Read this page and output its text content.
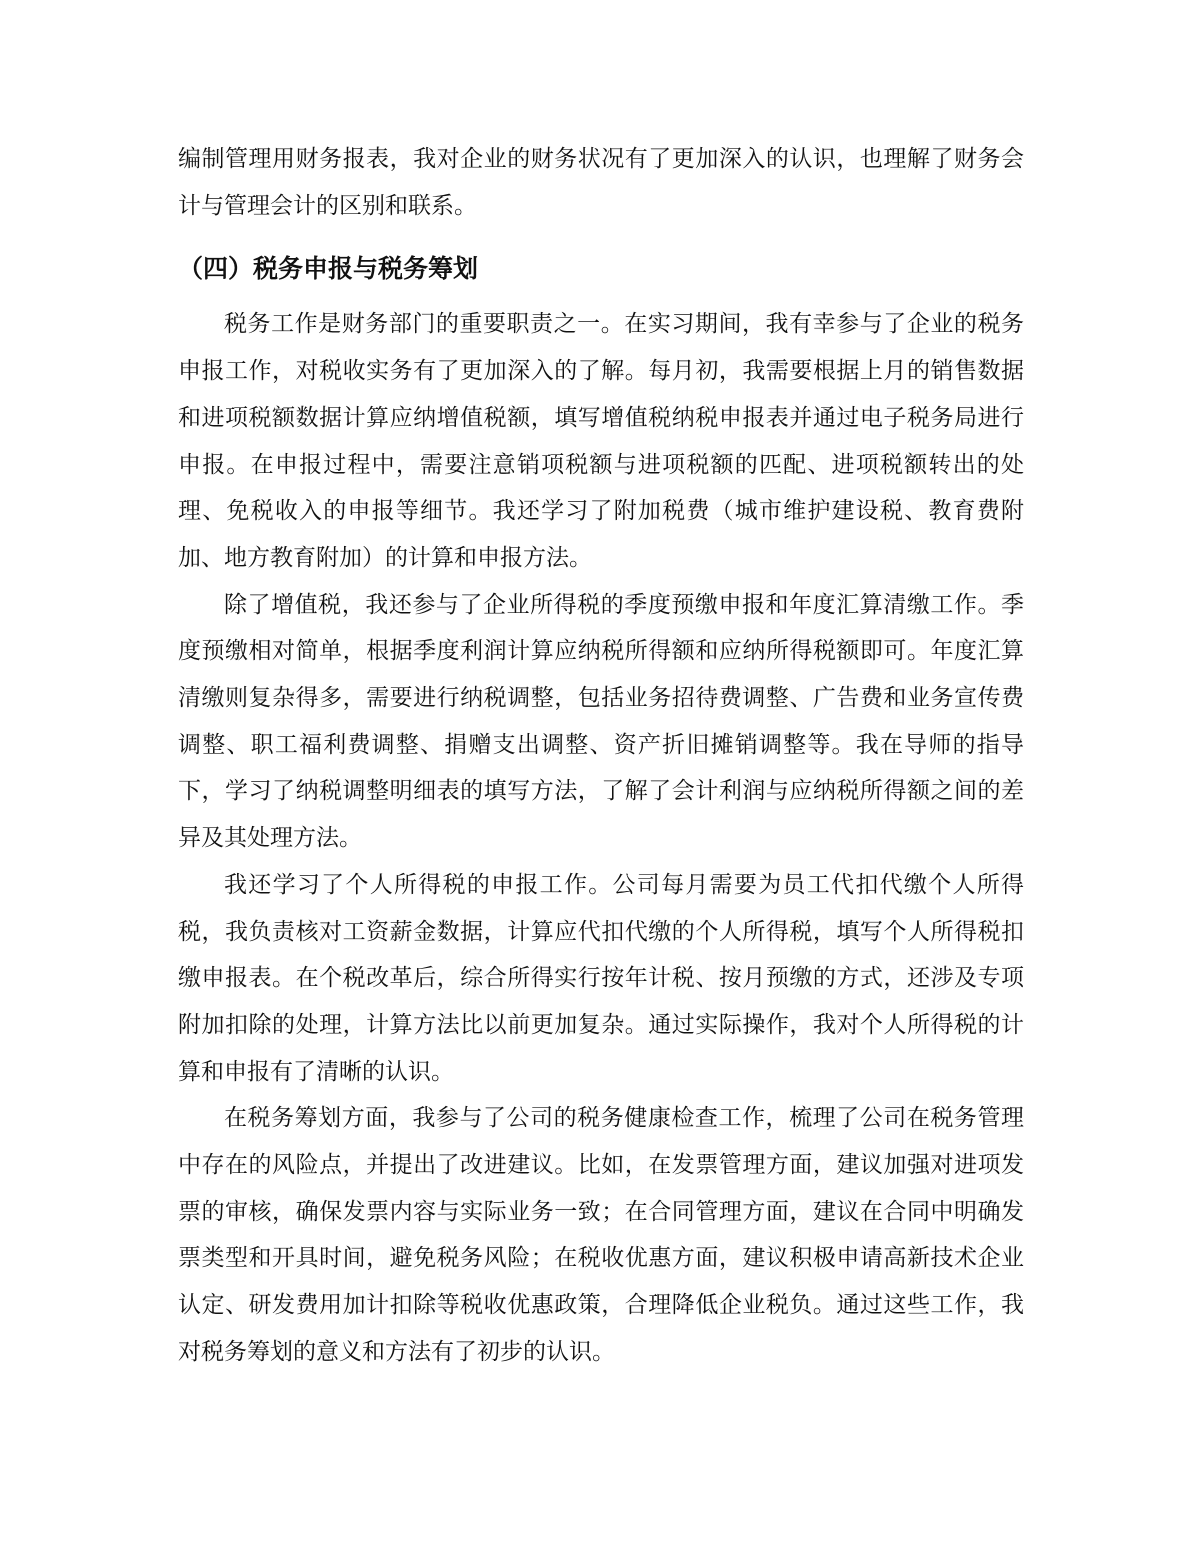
编制管理用财务报表，我对企业的财务状况有了更加深入的认识，也理解了财务会计与管理会计的区别和联系。

（四）税务申报与税务筹划

税务工作是财务部门的重要职责之一。在实习期间，我有幸参与了企业的税务申报工作，对税收实务有了更加深入的了解。每月初，我需要根据上月的销售数据和进项税额数据计算应纳增值税额，填写增值税纳税申报表并通过电子税务局进行申报。在申报过程中，需要注意销项税额与进项税额的匹配、进项税额转出的处理、免税收入的申报等细节。我还学习了附加税费（城市维护建设税、教育费附加、地方教育附加）的计算和申报方法。

除了增值税，我还参与了企业所得税的季度预缴申报和年度汇算清缴工作。季度预缴相对简单，根据季度利润计算应纳税所得额和应纳所得税额即可。年度汇算清缴则复杂得多，需要进行纳税调整，包括业务招待费调整、广告费和业务宣传费调整、职工福利费调整、捐赠支出调整、资产折旧摊销调整等。我在导师的指导下，学习了纳税调整明细表的填写方法，了解了会计利润与应纳税所得额之间的差异及其处理方法。

我还学习了个人所得税的申报工作。公司每月需要为员工代扣代缴个人所得税，我负责核对工资薪金数据，计算应代扣代缴的个人所得税，填写个人所得税扣缴申报表。在个税改革后，综合所得实行按年计税、按月预缴的方式，还涉及专项附加扣除的处理，计算方法比以前更加复杂。通过实际操作，我对个人所得税的计算和申报有了清晰的认识。

在税务筹划方面，我参与了公司的税务健康检查工作，梳理了公司在税务管理中存在的风险点，并提出了改进建议。比如，在发票管理方面，建议加强对进项发票的审核，确保发票内容与实际业务一致；在合同管理方面，建议在合同中明确发票类型和开具时间，避免税务风险；在税收优惠方面，建议积极申请高新技术企业认定、研发费用加计扣除等税收优惠政策，合理降低企业税负。通过这些工作，我对税务筹划的意义和方法有了初步的认识。
